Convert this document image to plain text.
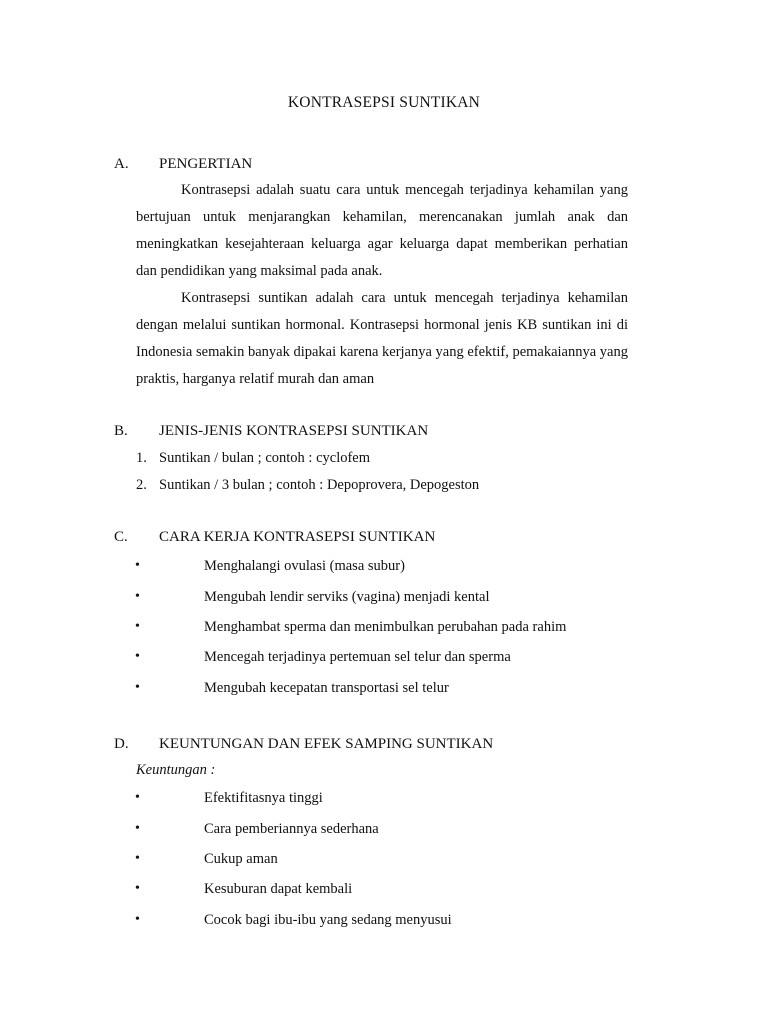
KONTRASEPSI SUNTIKAN
A. PENGERTIAN
Kontrasepsi adalah suatu cara untuk mencegah terjadinya kehamilan yang bertujuan untuk menjarangkan kehamilan, merencanakan jumlah anak dan meningkatkan kesejahteraan keluarga agar keluarga dapat memberikan perhatian dan pendidikan yang maksimal pada anak.
Kontrasepsi suntikan adalah cara untuk mencegah terjadinya kehamilan dengan melalui suntikan hormonal. Kontrasepsi hormonal jenis KB suntikan ini di Indonesia semakin banyak dipakai karena kerjanya yang efektif, pemakaiannya yang praktis, harganya relatif murah dan aman
B. JENIS-JENIS KONTRASEPSI SUNTIKAN
1. Suntikan / bulan ; contoh : cyclofem
2. Suntikan / 3 bulan ; contoh : Depoprovera, Depogeston
C. CARA KERJA KONTRASEPSI SUNTIKAN
•	Menghalangi ovulasi (masa subur)
•	Mengubah lendir serviks (vagina) menjadi kental
•	Menghambat sperma dan menimbulkan perubahan pada rahim
•	Mencegah terjadinya pertemuan sel telur dan sperma
•	Mengubah kecepatan transportasi sel telur
D. KEUNTUNGAN DAN EFEK SAMPING SUNTIKAN
Keuntungan :
•	Efektifitasnya tinggi
•	Cara pemberiannya sederhana
•	Cukup aman
•	Kesuburan dapat kembali
•	Cocok bagi ibu-ibu yang sedang menyusui
